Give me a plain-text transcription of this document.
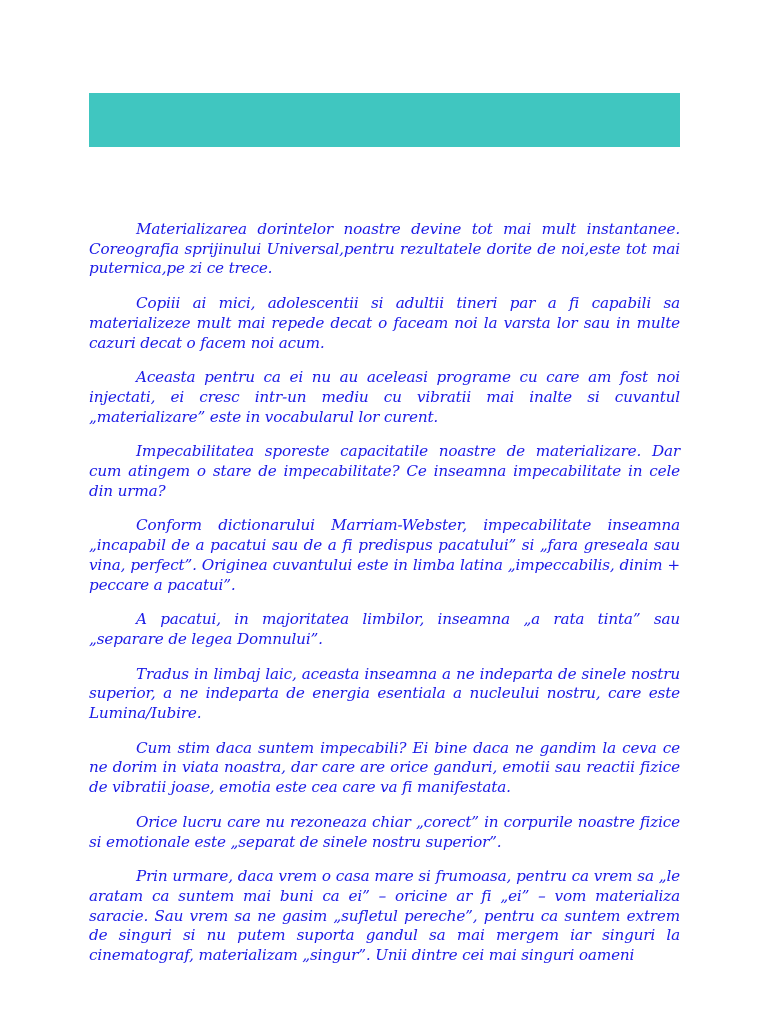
Materializarea dorintelor noastre devine tot mai mult instantanee. Coreografia sprijinului Universal,pentru rezultatele dorite de noi,este tot mai puternica,pe zi ce trece.

Copiii ai mici, adolescentii si adultii tineri par a fi capabili sa materializeze mult mai repede decat o faceam noi la varsta lor sau in multe cazuri decat o facem noi acum.

Aceasta pentru ca ei nu au aceleasi programe cu care am fost noi injectati, ei cresc intr-un mediu cu vibratii mai inalte si cuvantul „materializare” este in vocabularul lor curent.

Impecabilitatea sporeste capacitatile noastre de materializare. Dar cum atingem o stare de impecabilitate? Ce inseamna impecabilitate in cele din urma?

Conform dictionarului Marriam-Webster, impecabilitate inseamna „incapabil de a pacatui sau de a fi predispus pacatului” si „fara greseala sau vina, perfect”. Originea cuvantului este in limba latina „impeccabilis, dinim + peccare a pacatui”.

A pacatui, in majoritatea limbilor, inseamna „a rata tinta” sau „separare de legea Domnului”.

Tradus in limbaj laic, aceasta inseamna a ne indeparta de sinele nostru superior, a ne indeparta de energia esentiala a nucleului nostru, care este Lumina/Iubire.

Cum stim daca suntem impecabili? Ei bine daca ne gandim la ceva ce ne dorim in viata noastra, dar care are orice ganduri, emotii sau reactii fizice de vibratii joase, emotia este cea care va fi manifestata.

Orice lucru care nu rezoneaza chiar „corect” in corpurile noastre fizice si emotionale este „separat de sinele nostru superior”.

Prin urmare, daca vrem o casa mare si frumoasa, pentru ca vrem sa „le aratam ca suntem mai buni ca ei” – oricine ar fi „ei” – vom materializa saracie. Sau vrem sa ne gasim „sufletul pereche”, pentru ca suntem extrem de singuri si nu putem suporta gandul sa mai mergem iar singuri la cinematograf, materializam „singur”. Unii dintre cei mai singuri oameni
